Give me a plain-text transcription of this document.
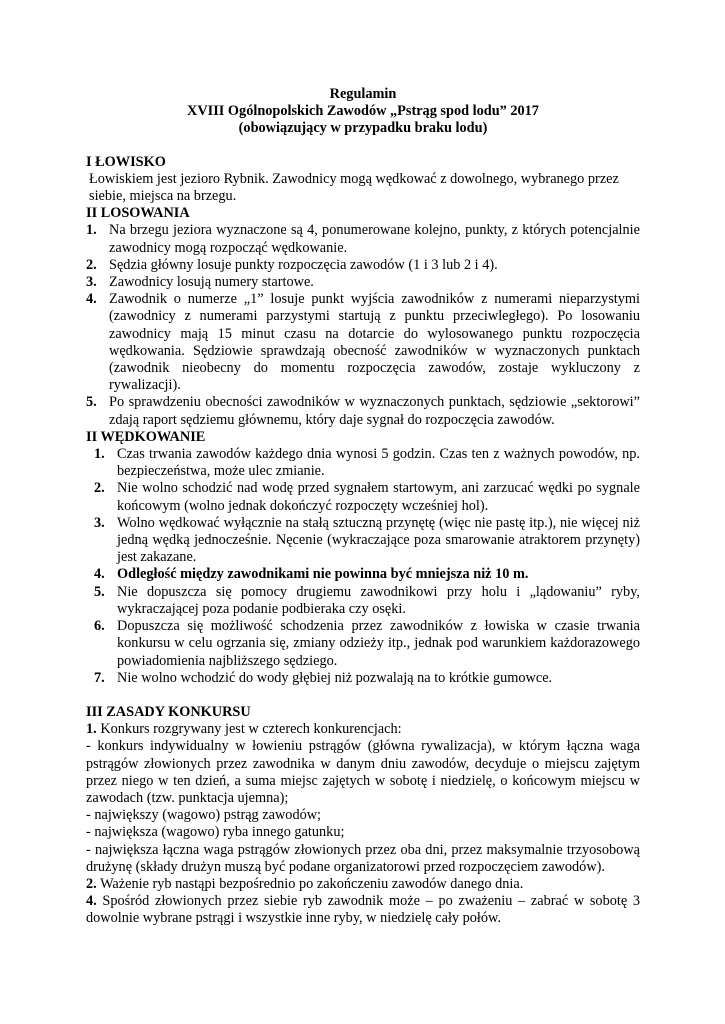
Regulamin
XVIII Ogólnopolskich Zawodów „Pstrąg spod lodu” 2017
(obowiązujący w przypadku braku lodu)
I ŁOWISKO
Łowiskiem jest jezioro Rybnik. Zawodnicy mogą wędkować z dowolnego, wybranego przez siebie, miejsca na brzegu.
II LOSOWANIA
1. Na brzegu jeziora wyznaczone są 4, ponumerowane kolejno, punkty, z których potencjalnie zawodnicy mogą rozpocząć wędkowanie.
2. Sędzia główny losuje punkty rozpoczęcia zawodów (1 i 3 lub 2 i 4).
3. Zawodnicy losują numery startowe.
4. Zawodnik o numerze „1” losuje punkt wyjścia zawodników z numerami nieparzystymi (zawodnicy z numerami parzystymi startują z punktu przeciwległego). Po losowaniu zawodnicy mają 15 minut czasu na dotarcie do wylosowanego punktu rozpoczęcia wędkowania. Sędziowie sprawdzają obecność zawodników w wyznaczonych punktach (zawodnik nieobecny do momentu rozpoczęcia zawodów, zostaje wykluczony z rywalizacji).
5. Po sprawdzeniu obecności zawodników w wyznaczonych punktach, sędziowie „sektorowi” zdają raport sędziemu głównemu, który daje sygnał do rozpoczęcia zawodów.
II WĘDKOWANIE
1. Czas trwania zawodów każdego dnia wynosi 5 godzin. Czas ten z ważnych powodów, np. bezpieczeństwa, może ulec zmianie.
2. Nie wolno schodzić nad wodę przed sygnałem startowym, ani zarzucać wędki po sygnale końcowym (wolno jednak dokończyć rozpoczęty wcześniej hol).
3. Wolno wędkować wyłącznie na stałą sztuczną przynętę (więc nie pastę itp.), nie więcej niż jedną wędką jednocześnie. Nęcenie (wykraczające poza smarowanie atraktorem przynęty) jest zakazane.
4. Odległość między zawodnikami nie powinna być mniejsza niż 10 m.
5. Nie dopuszcza się pomocy drugiemu zawodnikowi przy holu i „lądowaniu” ryby, wykraczającej poza podanie podbieraka czy osęki.
6. Dopuszcza się możliwość schodzenia przez zawodników z łowiska w czasie trwania konkursu w celu ogrzania się, zmiany odzieży itp., jednak pod warunkiem każdorazowego powiadomienia najbliższego sędziego.
7. Nie wolno wchodzić do wody głębiej niż pozwalają na to krótkie gumowce.
III ZASADY KONKURSU
1. Konkurs rozgrywany jest w czterech konkurencjach:
- konkurs indywidualny w łowieniu pstrągów (główna rywalizacja), w którym łączna waga pstrągów złowionych przez zawodnika w danym dniu zawodów, decyduje o miejscu zajętym przez niego w ten dzień, a suma miejsc zajętych w sobotę i niedzielę, o końcowym miejscu w zawodach (tzw. punktacja ujemna);
- największy (wagowo) pstrąg zawodów;
- największa (wagowo) ryba innego gatunku;
- największa łączna waga pstrągów złowionych przez oba dni, przez maksymalnie trzyosobową drużynę (składy drużyn muszą być podane organizatorowi przed rozpoczęciem zawodów).
2. Ważenie ryb nastąpi bezpośrednio po zakończeniu zawodów danego dnia.
4. Spośród złowionych przez siebie ryb zawodnik może – po zważeniu – zabrać w sobotę 3 dowolnie wybrane pstrągi i wszystkie inne ryby, w niedzielę cały połów.
